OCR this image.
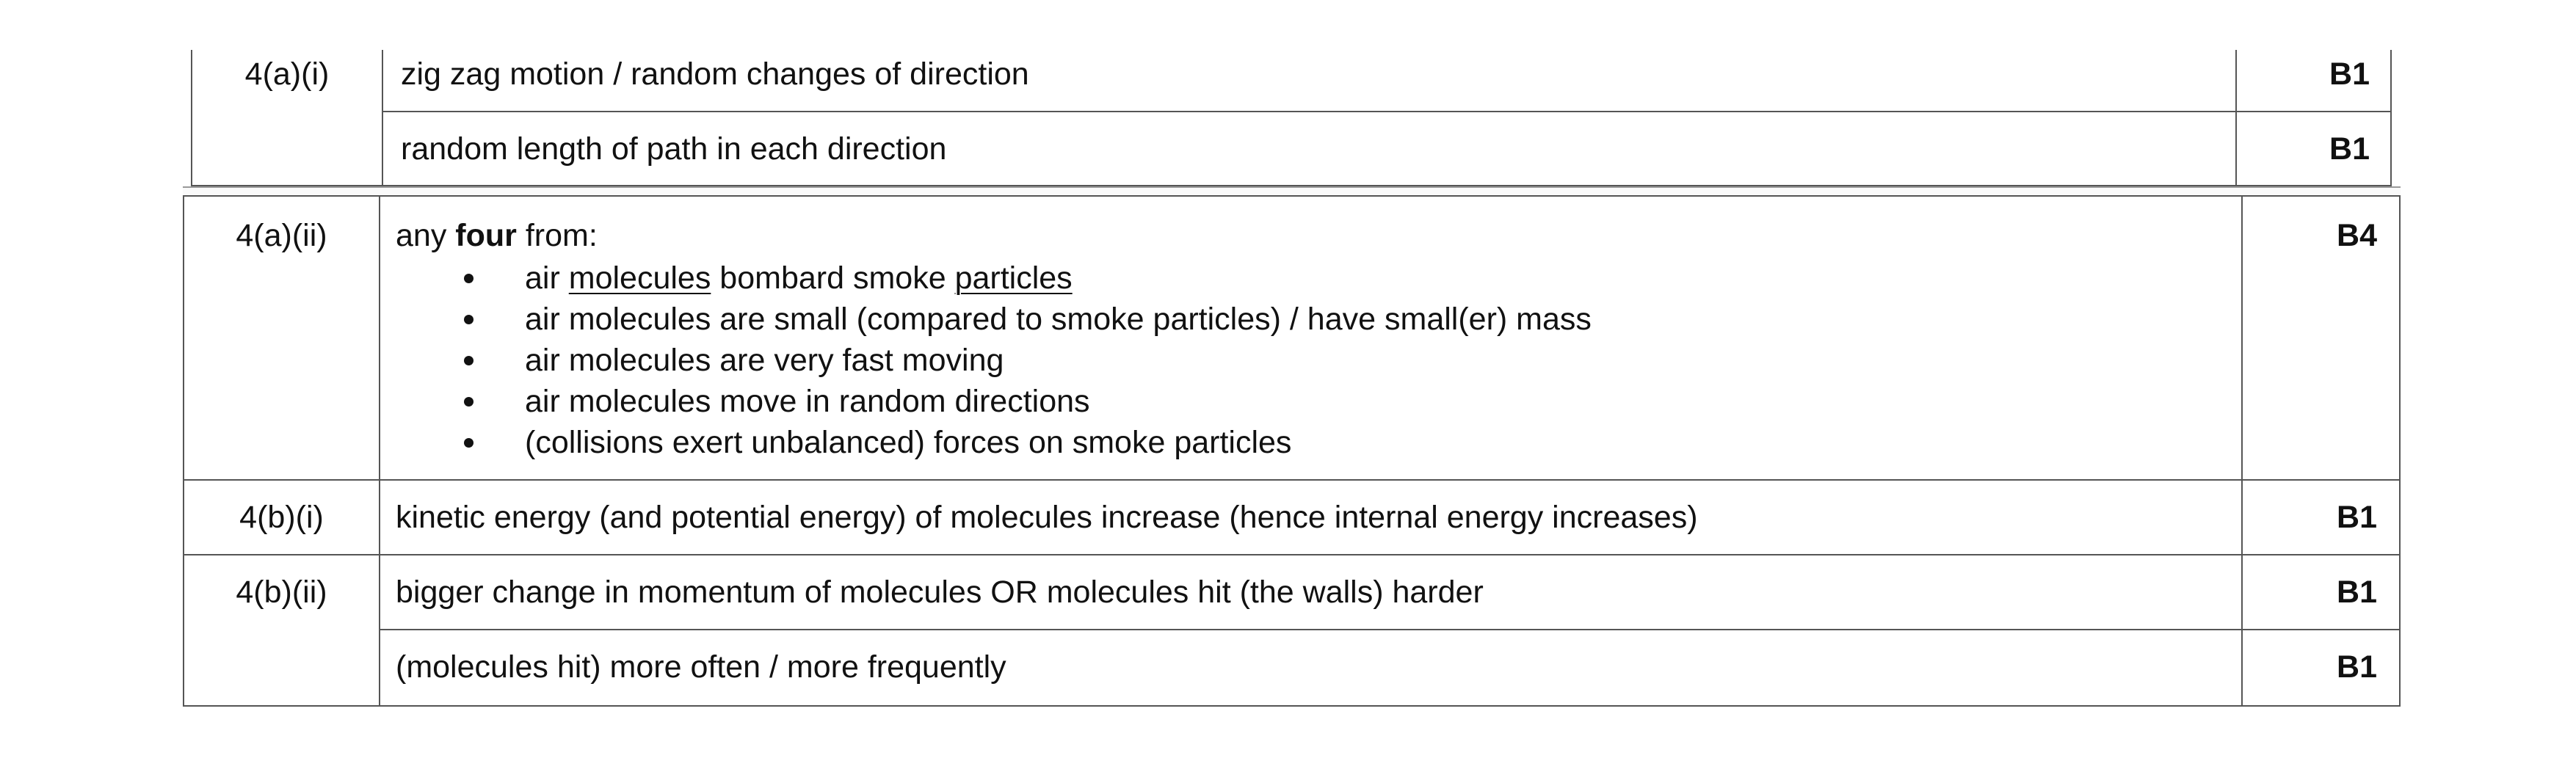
4(a)(i)	zig zag motion / random changes of direction	B1
random length of path in each direction	B1
4(a)(ii)	any four from:	B4
air molecules bombard smoke particles
air molecules are small (compared to smoke particles) / have small(er) mass
air molecules are very fast moving
air molecules move in random directions
(collisions exert unbalanced) forces on smoke particles
4(b)(i)	kinetic energy (and potential energy) of molecules increase (hence internal energy increases)	B1
4(b)(ii)	bigger change in momentum of molecules OR molecules hit (the walls) harder	B1
(molecules hit) more often / more frequently	B1
